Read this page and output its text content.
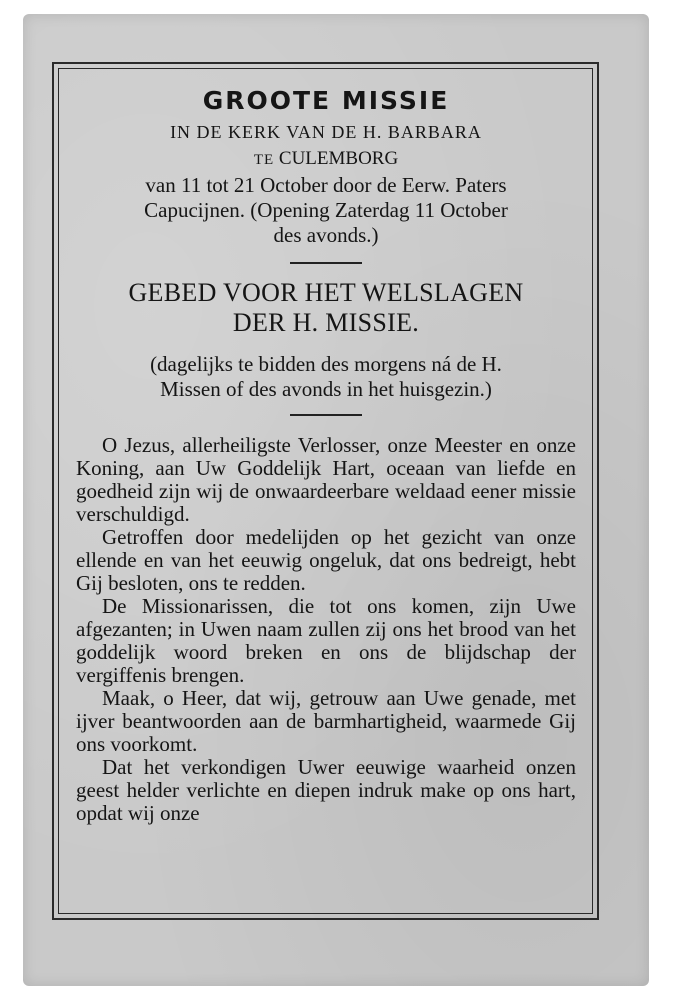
GROOTE MISSIE

IN DE KERK VAN DE H. BARBARA

TE CULEMBORG

van 11 tot 21 October door de Eerw. Paters
Capucijnen. (Opening Zaterdag 11 October
des avonds.)
GEBED VOOR HET WELSLAGEN
DER H. MISSIE.
(dagelijks te bidden des morgens ná de H.
Missen of des avonds in het huisgezin.)

O Jezus, allerheiligste Verlosser, onze Meester en onze Koning, aan Uw Goddelijk Hart, oceaan van liefde en goedheid zijn wij de onwaardeerbare weldaad eener missie verschuldigd.

Getroffen door medelijden op het gezicht van onze ellende en van het eeuwig ongeluk, dat ons bedreigt, hebt Gij besloten, ons te redden.

De Missionarissen, die tot ons komen, zijn Uwe afgezanten; in Uwen naam zullen zij ons het brood van het goddelijk woord breken en ons de blijdschap der vergiffenis brengen.

Maak, o Heer, dat wij, getrouw aan Uwe genade, met ijver beantwoorden aan de barmhartigheid, waarmede Gij ons voorkomt.

Dat het verkondigen Uwer eeuwige waarheid onzen geest helder verlichte en diepen indruk make op ons hart, opdat wij onze
